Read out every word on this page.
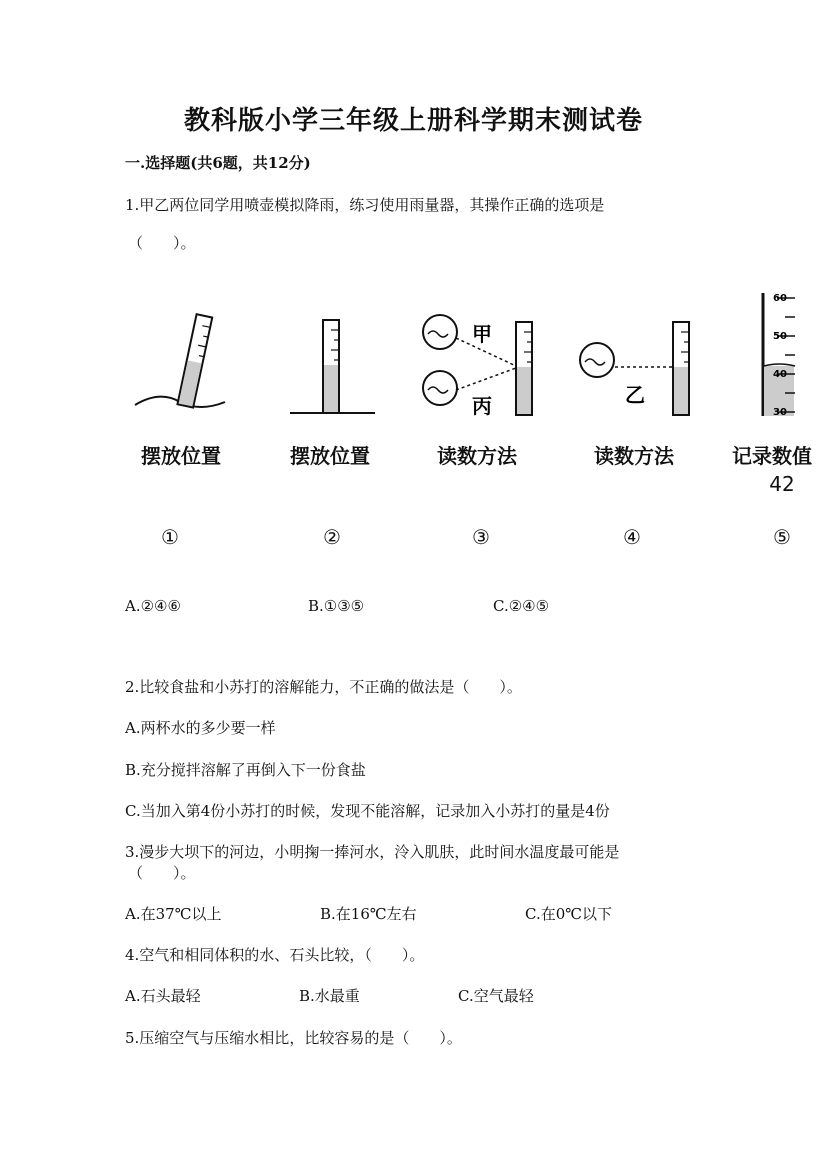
教科版小学三年级上册科学期末测试卷
一.选择题(共6题，共12分)
1.甲乙两位同学用喷壶模拟降雨，练习使用雨量器，其操作正确的选项是
（　　）。
甲
丙	乙
60
50
40
30
摆放位置	摆放位置	读数方法	读数方法	记录数值
42
①	②	③	④	⑤
A.②④⑥	B.①③⑤	C.②④⑤
2.比较食盐和小苏打的溶解能力，不正确的做法是（　　）。
A.两杯水的多少要一样
B.充分搅拌溶解了再倒入下一份食盐
C.当加入第4份小苏打的时候，发现不能溶解，记录加入小苏打的量是4份
3.漫步大坝下的河边，小明掬一捧河水，泠入肌肤，此时间水温度最可能是
（　　）。
A.在37℃以上	B.在16℃左右	C.在0℃以下
4.空气和相同体积的水、石头比较，（　　）。
A.石头最轻	B.水最重	C.空气最轻
5.压缩空气与压缩水相比，比较容易的是（　　）。
